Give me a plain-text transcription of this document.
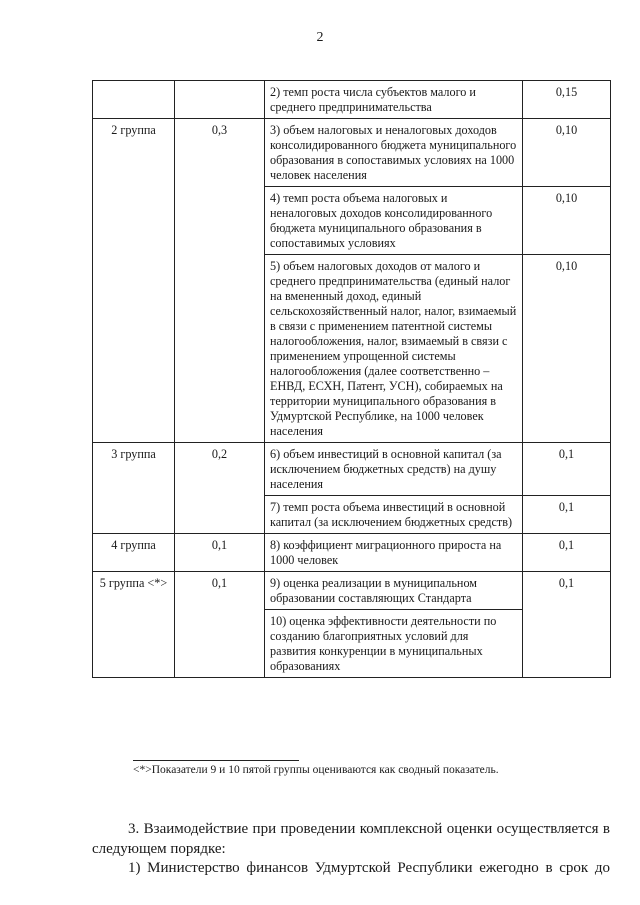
2
		2) темп роста числа субъектов малого и среднего предпринимательства	0,15
2 группа	0,3	3) объем налоговых и неналоговых доходов консолидированного бюджета муниципального образования в сопоставимых условиях на 1000 человек населения	0,10
		4) темп роста объема налоговых и неналоговых доходов консолидированного бюджета муниципального образования в сопоставимых условиях	0,10
		5) объем налоговых доходов от малого и среднего предпринимательства (единый налог на вмененный доход, единый сельскохозяйственный налог, налог, взимаемый в связи с применением патентной системы налогообложения, налог, взимаемый в связи с применением упрощенной системы налогообложения (далее соответственно – ЕНВД, ЕСХН, Патент, УСН), собираемых на территории муниципального образования в Удмуртской Республике, на 1000 человек населения	0,10
3 группа	0,2	6) объем инвестиций в основной капитал (за исключением бюджетных средств) на душу населения	0,1
		7) темп роста объема инвестиций в основной капитал (за исключением бюджетных средств)	0,1
4 группа	0,1	8) коэффициент миграционного прироста на 1000 человек	0,1
5 группа <*>	0,1	9) оценка реализации в муниципальном образовании составляющих Стандарта	0,1
		10) оценка эффективности деятельности по созданию благоприятных условий для развития конкуренции в муниципальных образованиях	
<*>Показатели 9 и 10 пятой группы оцениваются как сводный показатель.
3. Взаимодействие при проведении комплексной оценки осуществляется в следующем порядке:
1) Министерство финансов Удмуртской Республики ежегодно в срок до
